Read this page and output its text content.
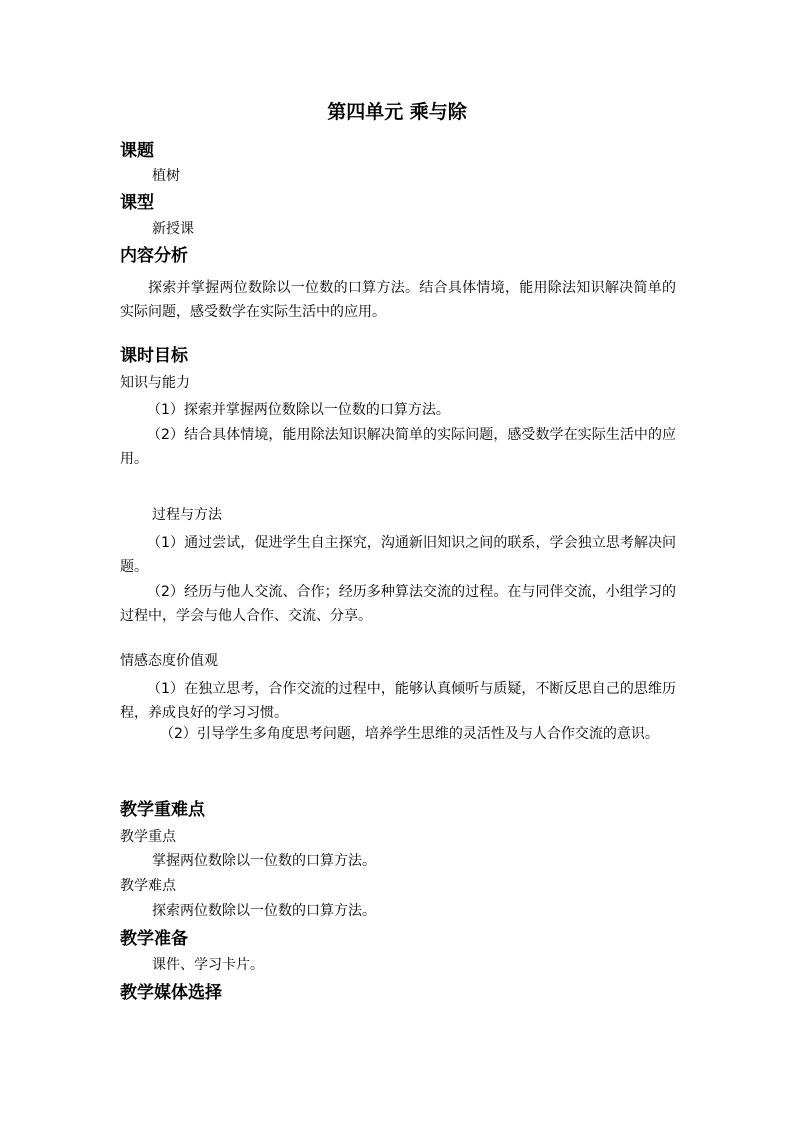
第四单元 乘与除
课题
植树
课型
新授课
内容分析
探索并掌握两位数除以一位数的口算方法。结合具体情境，能用除法知识解决简单的实际问题，感受数学在实际生活中的应用。
课时目标
知识与能力
（1）探索并掌握两位数除以一位数的口算方法。
（2）结合具体情境，能用除法知识解决简单的实际问题，感受数学在实际生活中的应用。
过程与方法
（1）通过尝试，促进学生自主探究，沟通新旧知识之间的联系，学会独立思考解决问题。
（2）经历与他人交流、合作；经历多种算法交流的过程。在与同伴交流，小组学习的过程中，学会与他人合作、交流、分享。
情感态度价值观
（1）在独立思考，合作交流的过程中，能够认真倾听与质疑，不断反思自己的思维历程，养成良好的学习习惯。
（2）引导学生多角度思考问题，培养学生思维的灵活性及与人合作交流的意识。
教学重难点
教学重点
掌握两位数除以一位数的口算方法。
教学难点
探索两位数除以一位数的口算方法。
教学准备
课件、学习卡片。
教学媒体选择
